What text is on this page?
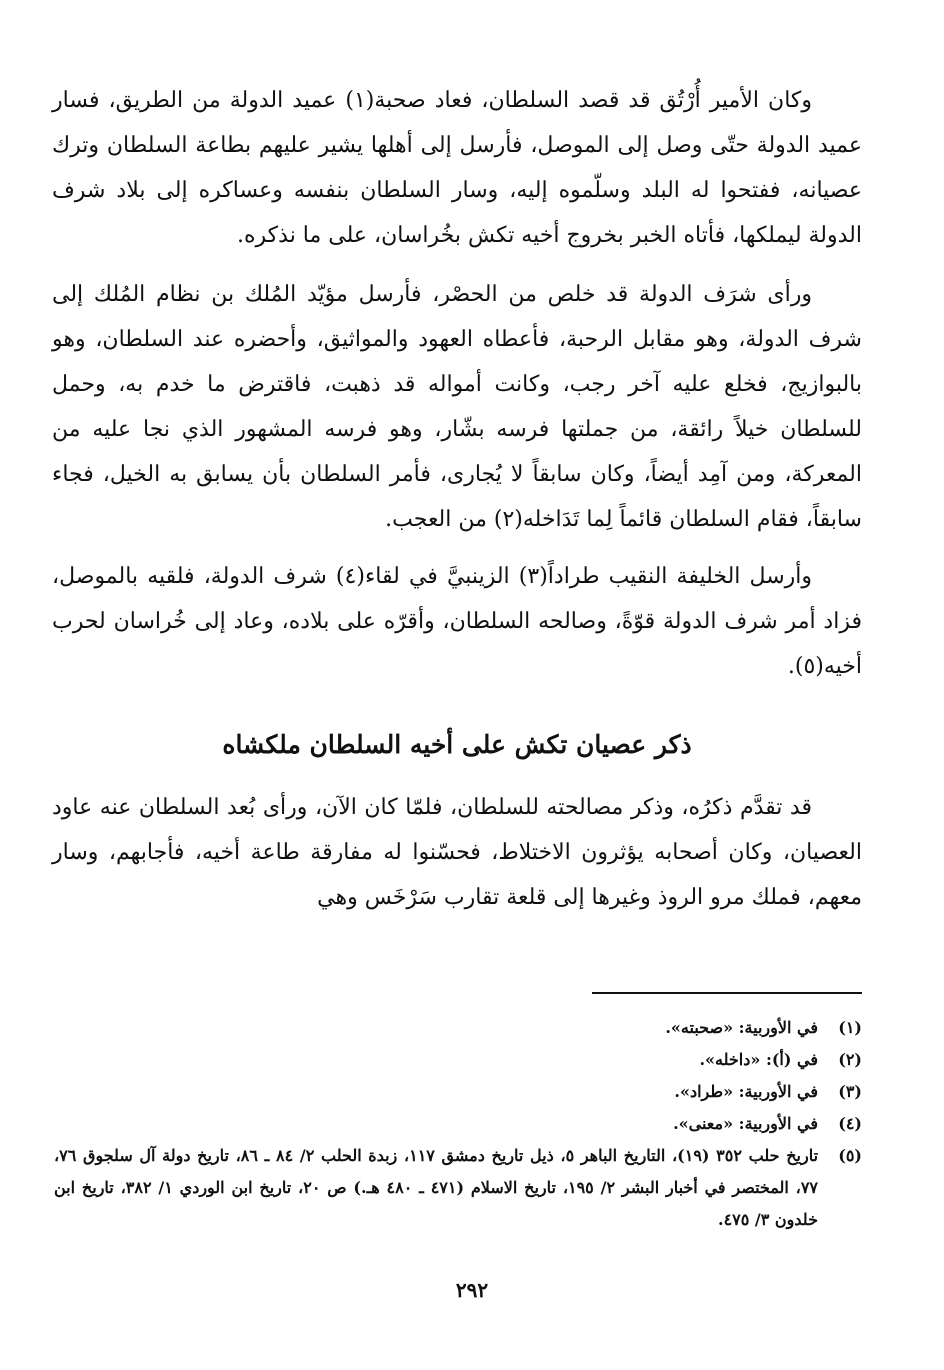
وكان الأمير أُرْتُق قد قصد السلطان، فعاد صحبة(١) عميد الدولة من الطريق، فسار عميد الدولة حتّى وصل إلى الموصل، فأرسل إلى أهلها يشير عليهم بطاعة السلطان وترك عصيانه، ففتحوا له البلد وسلّموه إليه، وسار السلطان بنفسه وعساكره إلى بلاد شرف الدولة ليملكها، فأتاه الخبر بخروج أخيه تكش بخُراسان، على ما نذكره.

ورأى شرَف الدولة قد خلص من الحصْر، فأرسل مؤيّد المُلك بن نظام المُلك إلى شرف الدولة، وهو مقابل الرحبة، فأعطاه العهود والمواثيق، وأحضره عند السلطان، وهو بالبوازيج، فخلع عليه آخر رجب، وكانت أمواله قد ذهبت، فاقترض ما خدم به، وحمل للسلطان خيلاً رائقة، من جملتها فرسه بشّار، وهو فرسه المشهور الذي نجا عليه من المعركة، ومن آمِد أيضاً، وكان سابقاً لا يُجارى، فأمر السلطان بأن يسابق به الخيل، فجاء سابقاً، فقام السلطان قائماً لِما تَدَاخله(٢) من العجب.

وأرسل الخليفة النقيب طراداً(٣) الزينبيَّ في لقاء(٤) شرف الدولة، فلقيه بالموصل، فزاد أمر شرف الدولة قوّةً، وصالحه السلطان، وأقرّه على بلاده، وعاد إلى خُراسان لحرب أخيه(٥).

ذكر عصيان تكش على أخيه السلطان ملكشاه

قد تقدَّم ذكرُه، وذكر مصالحته للسلطان، فلمّا كان الآن، ورأى بُعد السلطان عنه عاود العصيان، وكان أصحابه يؤثرون الاختلاط، فحسّنوا له مفارقة طاعة أخيه، فأجابهم، وسار معهم، فملك مرو الروذ وغيرها إلى قلعة تقارب سَرْخَس وهي

(١)
في الأوربية: «صحبته».
(٢)
في (أ): «داخله».
(٣)
في الأوربية: «طراد».
(٤)
في الأوربية: «معنى».
(٥)
تاريخ حلب ٣٥٢ (١٩)، التاريخ الباهر ٥، ذيل تاريخ دمشق ١١٧، زبدة الحلب ٢/ ٨٤ ـ ٨٦، تاريخ دولة آل سلجوق ٧٦، ٧٧، المختصر في أخبار البشر ٢/ ١٩٥، تاريخ الاسلام (٤٧١ ـ ٤٨٠ هـ.) ص ٢٠، تاريخ ابن الوردي ١/ ٣٨٢، تاريخ ابن خلدون ٣/ ٤٧٥.
٢٩٢
